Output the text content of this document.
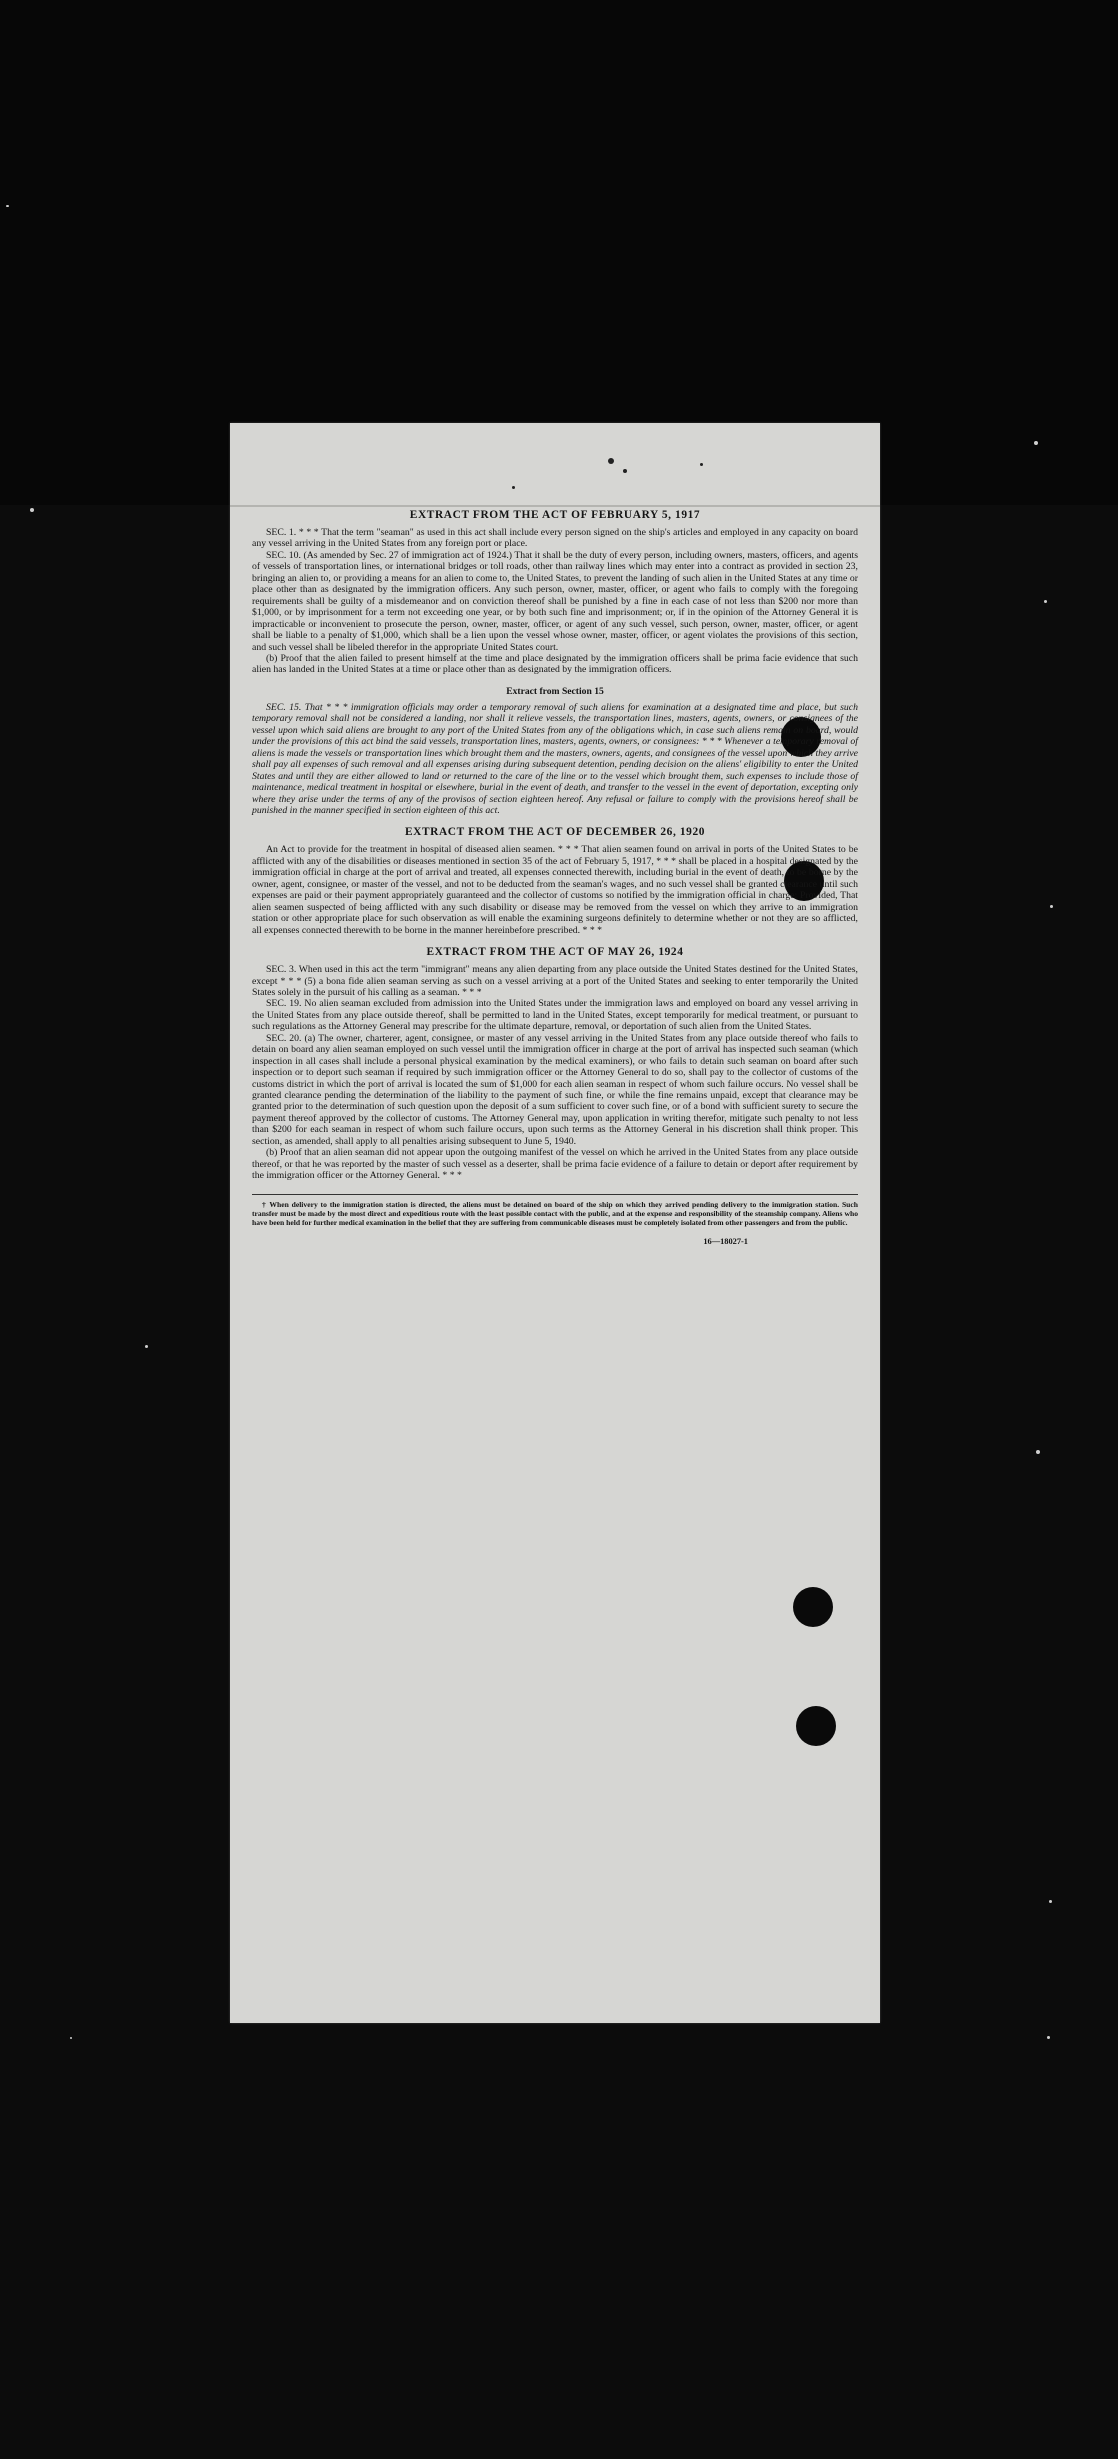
EXTRACT FROM THE ACT OF FEBRUARY 5, 1917

SEC. 1. * * * That the term "seaman" as used in this act shall include every person signed on the ship's articles and employed in any capacity on board any vessel arriving in the United States from any foreign port or place.

SEC. 10. (As amended by Sec. 27 of immigration act of 1924.) That it shall be the duty of every person, including owners, masters, officers, and agents of vessels of transportation lines, or international bridges or toll roads, other than railway lines which may enter into a contract as provided in section 23, bringing an alien to, or providing a means for an alien to come to, the United States, to prevent the landing of such alien in the United States at any time or place other than as designated by the immigration officers. Any such person, owner, master, officer, or agent who fails to comply with the foregoing requirements shall be guilty of a misdemeanor and on conviction thereof shall be punished by a fine in each case of not less than $200 nor more than $1,000, or by imprisonment for a term not exceeding one year, or by both such fine and imprisonment; or, if in the opinion of the Attorney General it is impracticable or inconvenient to prosecute the person, owner, master, officer, or agent of any such vessel, such person, owner, master, officer, or agent shall be liable to a penalty of $1,000, which shall be a lien upon the vessel whose owner, master, officer, or agent violates the provisions of this section, and such vessel shall be libeled therefor in the appropriate United States court.

(b) Proof that the alien failed to present himself at the time and place designated by the immigration officers shall be prima facie evidence that such alien has landed in the United States at a time or place other than as designated by the immigration officers.

Extract from Section 15

SEC. 15. That * * * immigration officials may order a temporary removal of such aliens for examination at a designated time and place, but such temporary removal shall not be considered a landing, nor shall it relieve vessels, the transportation lines, masters, agents, owners, or consignees of the vessel upon which said aliens are brought to any port of the United States from any of the obligations which, in case such aliens remain on board, would under the provisions of this act bind the said vessels, transportation lines, masters, agents, owners, or consignees: * * * Whenever a temporary removal of aliens is made the vessels or transportation lines which brought them and the masters, owners, agents, and consignees of the vessel upon which they arrive shall pay all expenses of such removal and all expenses arising during subsequent detention, pending decision on the aliens' eligibility to enter the United States and until they are either allowed to land or returned to the care of the line or to the vessel which brought them, such expenses to include those of maintenance, medical treatment in hospital or elsewhere, burial in the event of death, and transfer to the vessel in the event of deportation, excepting only where they arise under the terms of any of the provisos of section eighteen hereof. Any refusal or failure to comply with the provisions hereof shall be punished in the manner specified in section eighteen of this act.

EXTRACT FROM THE ACT OF DECEMBER 26, 1920

An Act to provide for the treatment in hospital of diseased alien seamen. * * * That alien seamen found on arrival in ports of the United States to be afflicted with any of the disabilities or diseases mentioned in section 35 of the act of February 5, 1917, * * * shall be placed in a hospital designated by the immigration official in charge at the port of arrival and treated, all expenses connected therewith, including burial in the event of death, to be borne by the owner, agent, consignee, or master of the vessel, and not to be deducted from the seaman's wages, and no such vessel shall be granted clearance until such expenses are paid or their payment appropriately guaranteed and the collector of customs so notified by the immigration official in charge: Provided, That alien seamen suspected of being afflicted with any such disability or disease may be removed from the vessel on which they arrive to an immigration station or other appropriate place for such observation as will enable the examining surgeons definitely to determine whether or not they are so afflicted, all expenses connected therewith to be borne in the manner hereinbefore prescribed. * * *

EXTRACT FROM THE ACT OF MAY 26, 1924

SEC. 3. When used in this act the term "immigrant" means any alien departing from any place outside the United States destined for the United States, except * * * (5) a bona fide alien seaman serving as such on a vessel arriving at a port of the United States and seeking to enter temporarily the United States solely in the pursuit of his calling as a seaman. * * *

SEC. 19. No alien seaman excluded from admission into the United States under the immigration laws and employed on board any vessel arriving in the United States from any place outside thereof, shall be permitted to land in the United States, except temporarily for medical treatment, or pursuant to such regulations as the Attorney General may prescribe for the ultimate departure, removal, or deportation of such alien from the United States.

SEC. 20. (a) The owner, charterer, agent, consignee, or master of any vessel arriving in the United States from any place outside thereof who fails to detain on board any alien seaman employed on such vessel until the immigration officer in charge at the port of arrival has inspected such seaman (which inspection in all cases shall include a personal physical examination by the medical examiners), or who fails to detain such seaman on board after such inspection or to deport such seaman if required by such immigration officer or the Attorney General to do so, shall pay to the collector of customs of the customs district in which the port of arrival is located the sum of $1,000 for each alien seaman in respect of whom such failure occurs. No vessel shall be granted clearance pending the determination of the liability to the payment of such fine, or while the fine remains unpaid, except that clearance may be granted prior to the determination of such question upon the deposit of a sum sufficient to cover such fine, or of a bond with sufficient surety to secure the payment thereof approved by the collector of customs. The Attorney General may, upon application in writing therefor, mitigate such penalty to not less than $200 for each seaman in respect of whom such failure occurs, upon such terms as the Attorney General in his discretion shall think proper. This section, as amended, shall apply to all penalties arising subsequent to June 5, 1940.

(b) Proof that an alien seaman did not appear upon the outgoing manifest of the vessel on which he arrived in the United States from any place outside thereof, or that he was reported by the master of such vessel as a deserter, shall be prima facie evidence of a failure to detain or deport after requirement by the immigration officer or the Attorney General. * * *

† When delivery to the immigration station is directed, the aliens must be detained on board of the ship on which they arrived pending delivery to the immigration station. Such transfer must be made by the most direct and expeditious route with the least possible contact with the public, and at the expense and responsibility of the steamship company. Aliens who have been held for further medical examination in the belief that they are suffering from communicable diseases must be completely isolated from other passengers and from the public.
16—18027-1
